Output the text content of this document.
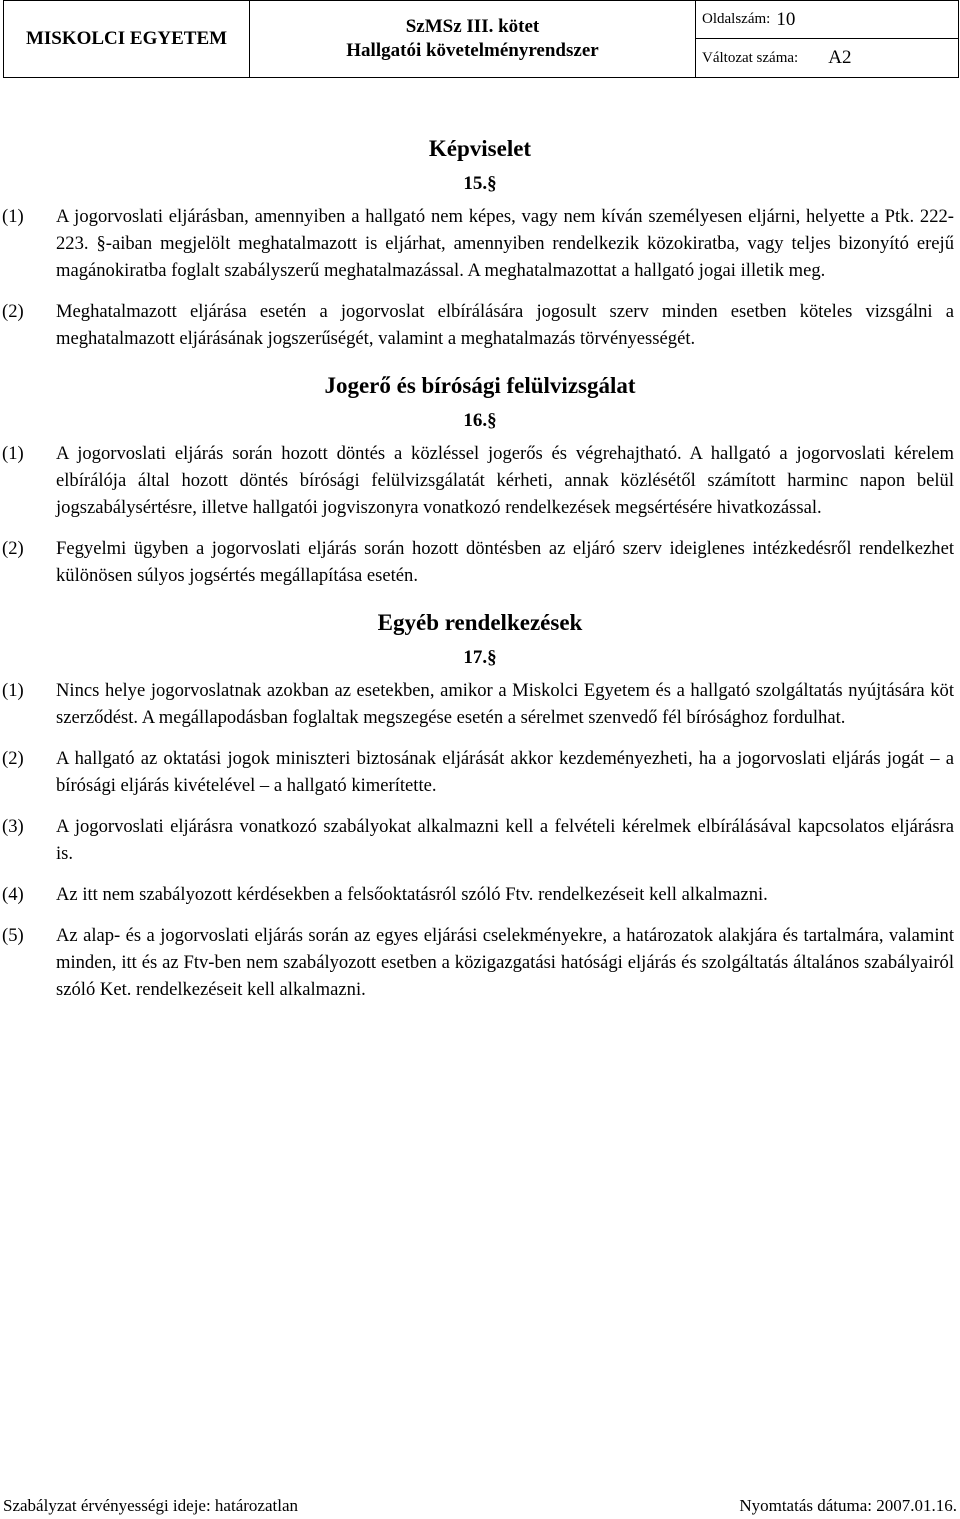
MISKOLCI EGYETEM
SzMSz III. kötet
Hallgatói követelményrendszer
Oldalszám: 10
Változat száma: A2
Képviselet
15.§
(1)	A jogorvoslati eljárásban, amennyiben a hallgató nem képes, vagy nem kíván személyesen eljárni, helyette a Ptk. 222-223. §-aiban megjelölt meghatalmazott is eljárhat, amennyiben rendelkezik közokiratba, vagy teljes bizonyító erejű magánokiratba foglalt szabályszerű meghatalmazással. A meghatalmazottat a hallgató jogai illetik meg.
(2)	Meghatalmazott eljárása esetén a jogorvoslat elbírálására jogosult szerv minden esetben köteles vizsgálni a meghatalmazott eljárásának jogszerűségét, valamint a meghatalmazás törvényességét.
Jogerő és bírósági felülvizsgálat
16.§
(1)	A jogorvoslati eljárás során hozott döntés a közléssel jogerős és végrehajtható. A hallgató a jogorvoslati kérelem elbírálója által hozott döntés bírósági felülvizsgálatát kérheti, annak közlésétől számított harminc napon belül jogszabálysértésre, illetve hallgatói jogviszonyra vonatkozó rendelkezések megsértésére hivatkozással.
(2)	Fegyelmi ügyben a jogorvoslati eljárás során hozott döntésben az eljáró szerv ideiglenes intézkedésről rendelkezhet különösen súlyos jogsértés megállapítása esetén.
Egyéb rendelkezések
17.§
(1)	Nincs helye jogorvoslatnak azokban az esetekben, amikor a Miskolci Egyetem és a hallgató szolgáltatás nyújtására köt szerződést. A megállapodásban foglaltak megszegése esetén a sérelmet szenvedő fél bírósághoz fordulhat.
(2)	A hallgató az oktatási jogok miniszteri biztosának eljárását akkor kezdeményezheti, ha a jogorvoslati eljárás jogát – a bírósági eljárás kivételével – a hallgató kimerítette.
(3)	A jogorvoslati eljárásra vonatkozó szabályokat alkalmazni kell a felvételi kérelmek elbírálásával kapcsolatos eljárásra is.
(4)	Az itt nem szabályozott kérdésekben a felsőoktatásról szóló Ftv. rendelkezéseit kell alkalmazni.
(5)	Az alap- és a jogorvoslati eljárás során az egyes eljárási cselekményekre, a határozatok alakjára és tartalmára, valamint minden, itt és az Ftv-ben nem szabályozott esetben a közigazgatási hatósági eljárás és szolgáltatás általános szabályairól szóló Ket. rendelkezéseit kell alkalmazni.
Szabályzat érvényességi ideje: határozatlan	Nyomtatás dátuma: 2007.01.16.
